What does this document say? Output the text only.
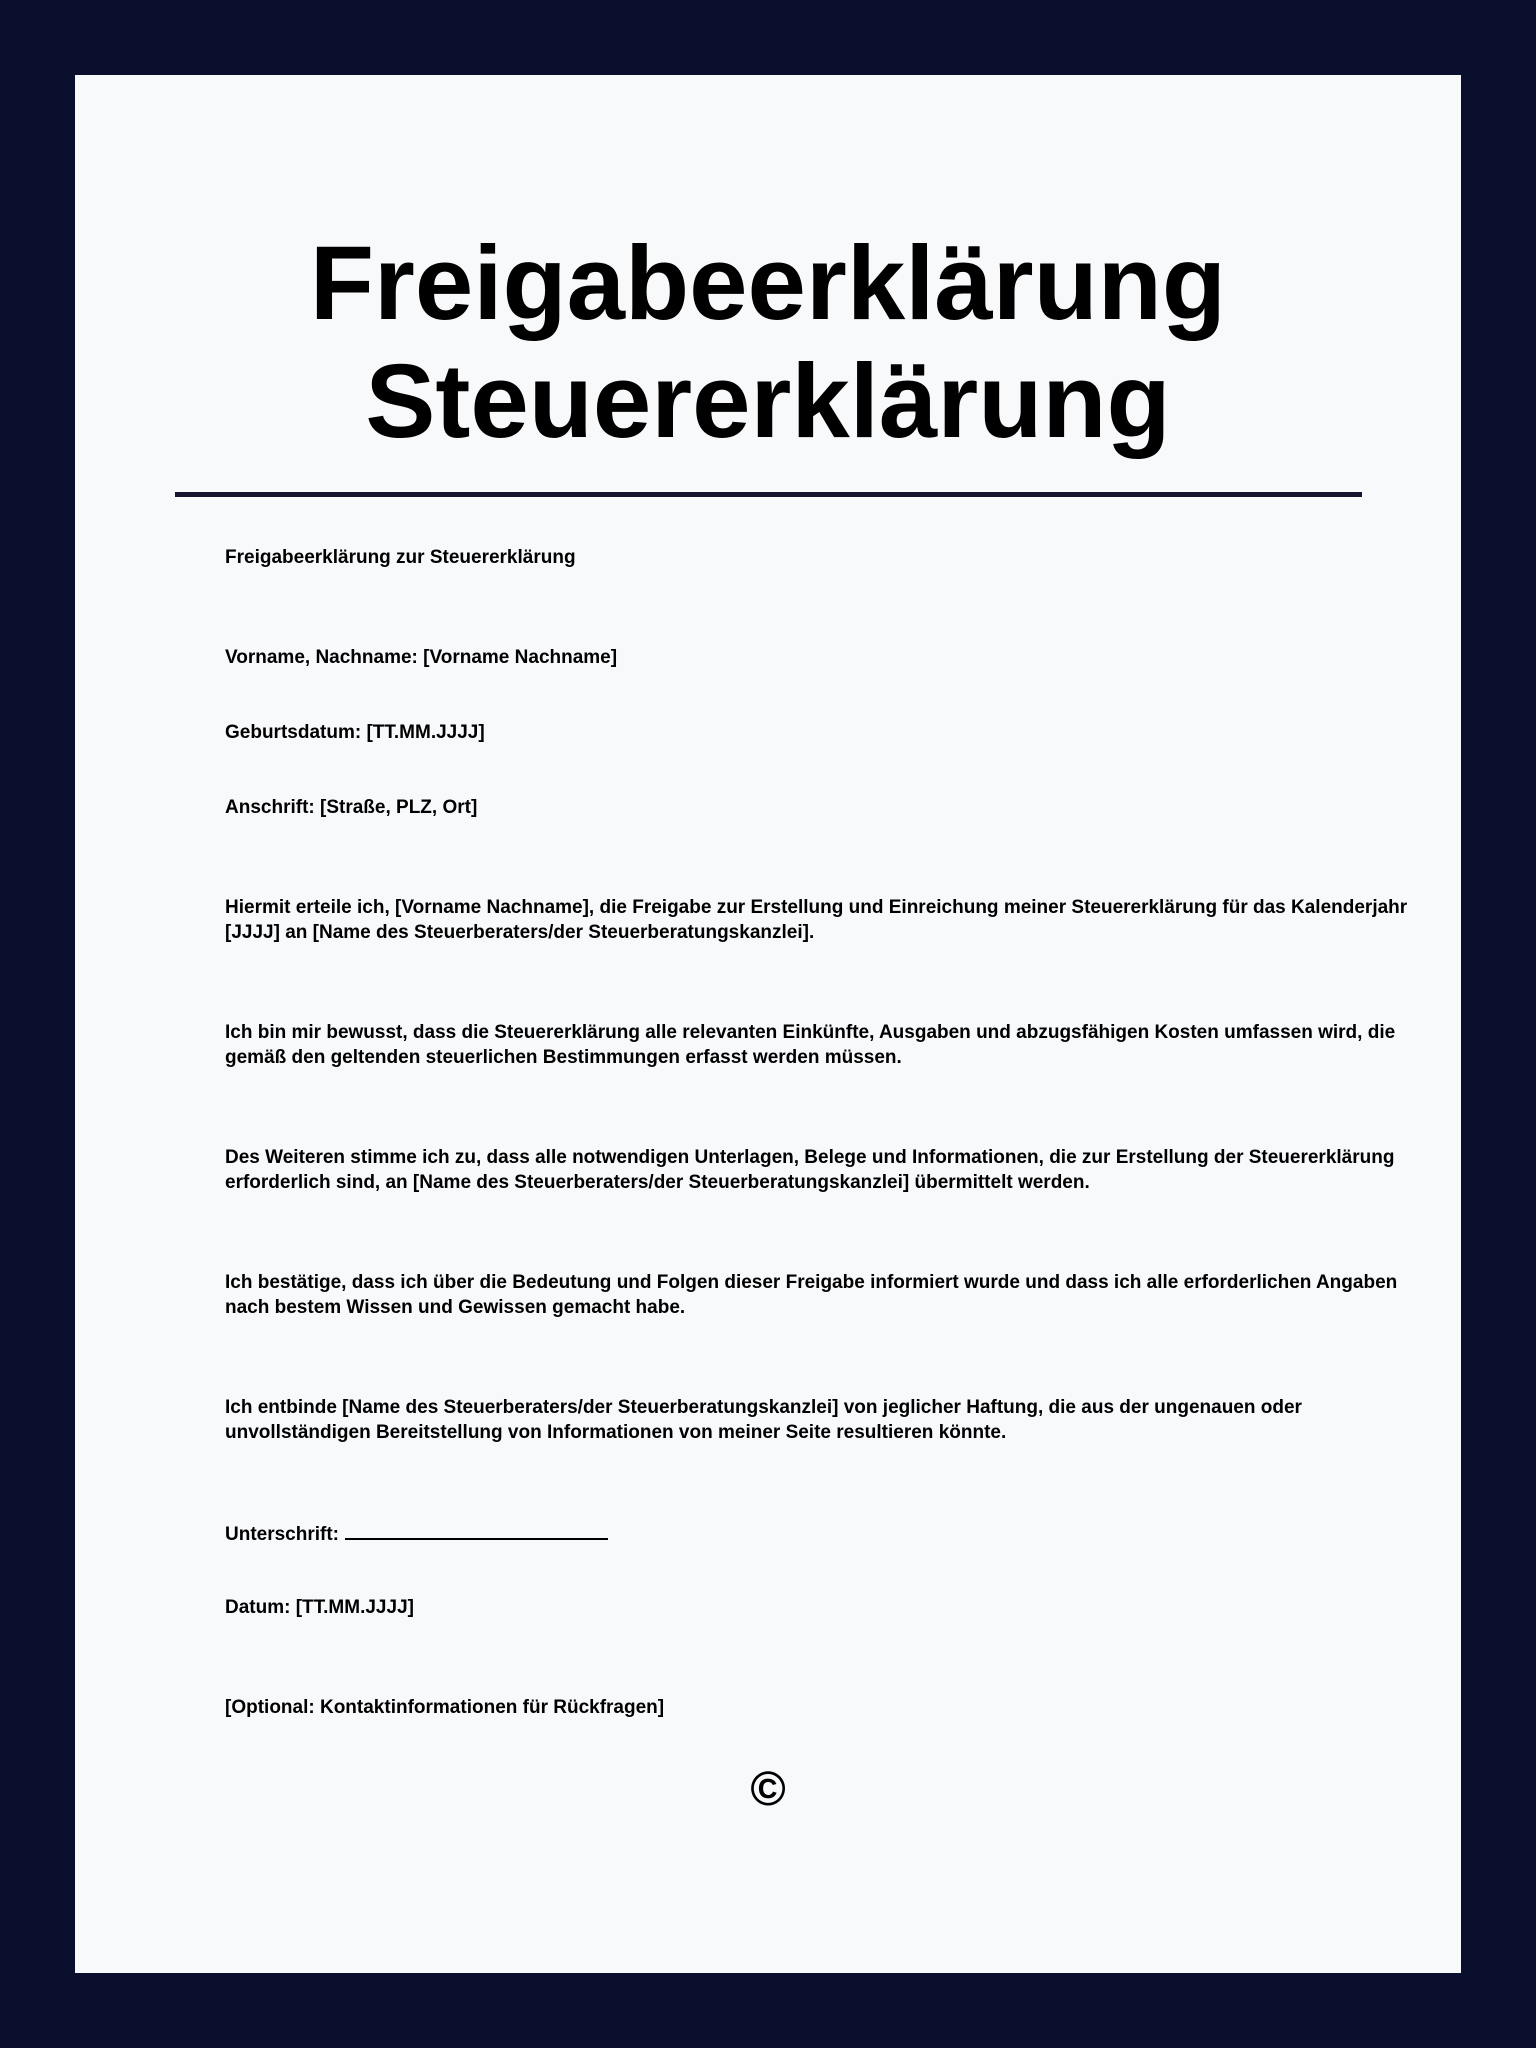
Freigabeerklärung
Steuererklärung

Freigabeerklärung zur Steuererklärung

Vorname, Nachname: [Vorname Nachname]

Geburtsdatum: [TT.MM.JJJJ]

Anschrift: [Straße, PLZ, Ort]

Hiermit erteile ich, [Vorname Nachname], die Freigabe zur Erstellung und Einreichung meiner Steuererklärung für das Kalenderjahr [JJJJ] an [Name des Steuerberaters/der Steuerberatungskanzlei].

Ich bin mir bewusst, dass die Steuererklärung alle relevanten Einkünfte, Ausgaben und abzugsfähigen Kosten umfassen wird, die gemäß den geltenden steuerlichen Bestimmungen erfasst werden müssen.

Des Weiteren stimme ich zu, dass alle notwendigen Unterlagen, Belege und Informationen, die zur Erstellung der Steuererklärung erforderlich sind, an [Name des Steuerberaters/der Steuerberatungskanzlei] übermittelt werden.

Ich bestätige, dass ich über die Bedeutung und Folgen dieser Freigabe informiert wurde und dass ich alle erforderlichen Angaben nach bestem Wissen und Gewissen gemacht habe.

Ich entbinde [Name des Steuerberaters/der Steuerberatungskanzlei] von jeglicher Haftung, die aus der ungenauen oder unvollständigen Bereitstellung von Informationen von meiner Seite resultieren könnte.

Unterschrift:

Datum: [TT.MM.JJJJ]

[Optional: Kontaktinformationen für Rückfragen]

©
